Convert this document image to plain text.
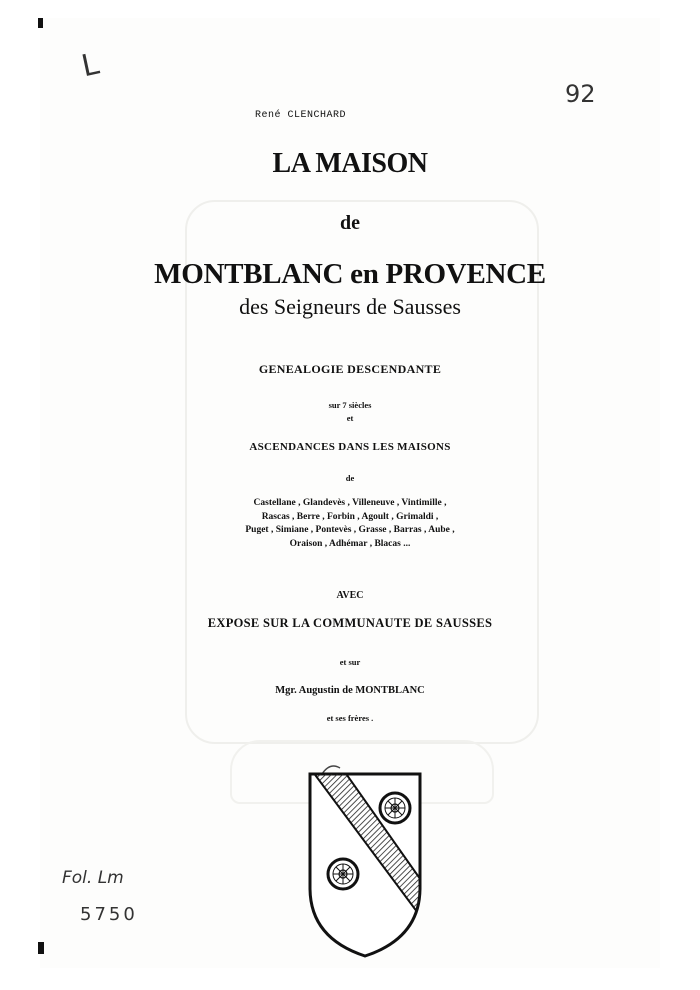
L
92
Fol. Lm
5750
René CLENCHARD
LA MAISON
de
MONTBLANC en PROVENCE
des Seigneurs de Sausses
GENEALOGIE DESCENDANTE
sur 7 siècles
et
ASCENDANCES DANS LES MAISONS
de
Castellane , Glandevès , Villeneuve , Vintimille ,
Rascas , Berre , Forbin , Agoult , Grimaldi ,
Puget , Simiane , Pontevès , Grasse , Barras , Aube ,
Oraison , Adhémar , Blacas ...
AVEC
EXPOSE SUR LA COMMUNAUTE DE SAUSSES
et sur
Mgr. Augustin de MONTBLANC
et ses frères .
